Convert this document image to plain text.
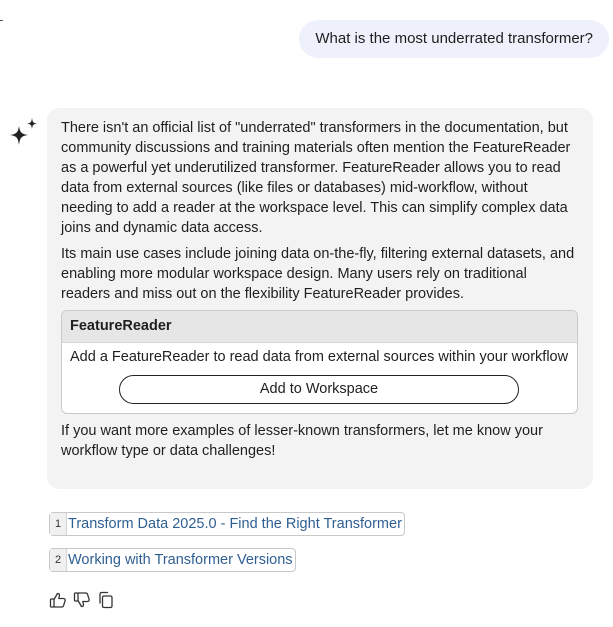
What is the most underrated transformer?

There isn't an official list of "underrated" transformers in the documentation, but community discussions and training materials often mention the FeatureReader as a powerful yet underutilized transformer. FeatureReader allows you to read data from external sources (like files or databases) mid-workflow, without needing to add a reader at the workspace level. This can simplify complex data joins and dynamic data access.

Its main use cases include joining data on-the-fly, filtering external datasets, and enabling more modular workspace design. Many users rely on traditional readers and miss out on the flexibility FeatureReader provides.

FeatureReader
Add a FeatureReader to read data from external sources within your workflow
Add to Workspace

If you want more examples of lesser-known transformers, let me know your workflow type or data challenges!

1 Transform Data 2025.0 - Find the Right Transformer
2 Working with Transformer Versions
